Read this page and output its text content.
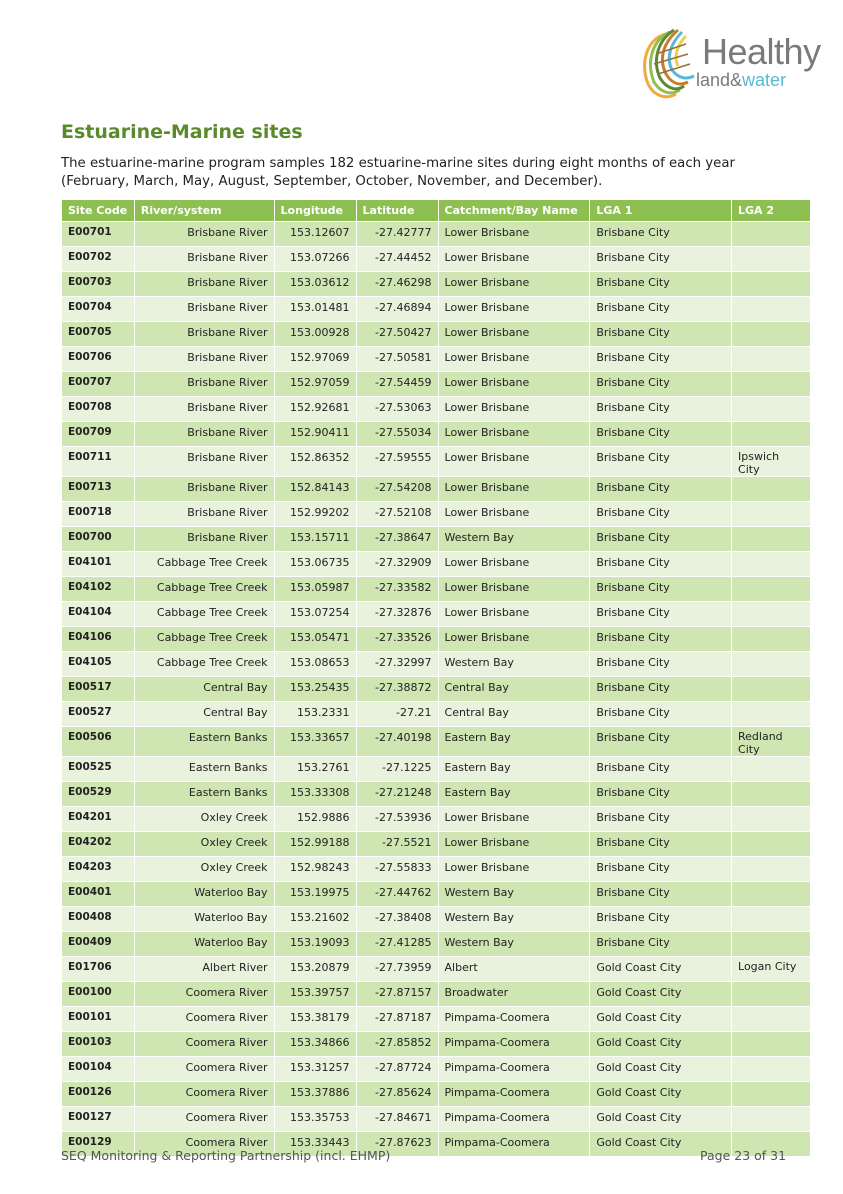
Healthy
land&water
Estuarine-Marine sites

The estuarine-marine program samples 182 estuarine-marine sites during eight months of each year (February, March, May, August, September, October, November, and December).

Site Code	River/system	Longitude	Latitude	Catchment/Bay Name	LGA 1	LGA 2
E00701	Brisbane River	153.12607	-27.42777	Lower Brisbane	Brisbane City	
E00702	Brisbane River	153.07266	-27.44452	Lower Brisbane	Brisbane City	
E00703	Brisbane River	153.03612	-27.46298	Lower Brisbane	Brisbane City	
E00704	Brisbane River	153.01481	-27.46894	Lower Brisbane	Brisbane City	
E00705	Brisbane River	153.00928	-27.50427	Lower Brisbane	Brisbane City	
E00706	Brisbane River	152.97069	-27.50581	Lower Brisbane	Brisbane City	
E00707	Brisbane River	152.97059	-27.54459	Lower Brisbane	Brisbane City	
E00708	Brisbane River	152.92681	-27.53063	Lower Brisbane	Brisbane City	
E00709	Brisbane River	152.90411	-27.55034	Lower Brisbane	Brisbane City	
E00711	Brisbane River	152.86352	-27.59555	Lower Brisbane	Brisbane City	Ipswich City
E00713	Brisbane River	152.84143	-27.54208	Lower Brisbane	Brisbane City	
E00718	Brisbane River	152.99202	-27.52108	Lower Brisbane	Brisbane City	
E00700	Brisbane River	153.15711	-27.38647	Western Bay	Brisbane City	
E04101	Cabbage Tree Creek	153.06735	-27.32909	Lower Brisbane	Brisbane City	
E04102	Cabbage Tree Creek	153.05987	-27.33582	Lower Brisbane	Brisbane City	
E04104	Cabbage Tree Creek	153.07254	-27.32876	Lower Brisbane	Brisbane City	
E04106	Cabbage Tree Creek	153.05471	-27.33526	Lower Brisbane	Brisbane City	
E04105	Cabbage Tree Creek	153.08653	-27.32997	Western Bay	Brisbane City	
E00517	Central Bay	153.25435	-27.38872	Central Bay	Brisbane City	
E00527	Central Bay	153.2331	-27.21	Central Bay	Brisbane City	
E00506	Eastern Banks	153.33657	-27.40198	Eastern Bay	Brisbane City	Redland City
E00525	Eastern Banks	153.2761	-27.1225	Eastern Bay	Brisbane City	
E00529	Eastern Banks	153.33308	-27.21248	Eastern Bay	Brisbane City	
E04201	Oxley Creek	152.9886	-27.53936	Lower Brisbane	Brisbane City	
E04202	Oxley Creek	152.99188	-27.5521	Lower Brisbane	Brisbane City	
E04203	Oxley Creek	152.98243	-27.55833	Lower Brisbane	Brisbane City	
E00401	Waterloo Bay	153.19975	-27.44762	Western Bay	Brisbane City	
E00408	Waterloo Bay	153.21602	-27.38408	Western Bay	Brisbane City	
E00409	Waterloo Bay	153.19093	-27.41285	Western Bay	Brisbane City	
E01706	Albert River	153.20879	-27.73959	Albert	Gold Coast City	Logan City
E00100	Coomera River	153.39757	-27.87157	Broadwater	Gold Coast City	
E00101	Coomera River	153.38179	-27.87187	Pimpama-Coomera	Gold Coast City	
E00103	Coomera River	153.34866	-27.85852	Pimpama-Coomera	Gold Coast City	
E00104	Coomera River	153.31257	-27.87724	Pimpama-Coomera	Gold Coast City	
E00126	Coomera River	153.37886	-27.85624	Pimpama-Coomera	Gold Coast City	
E00127	Coomera River	153.35753	-27.84671	Pimpama-Coomera	Gold Coast City	
E00129	Coomera River	153.33443	-27.87623	Pimpama-Coomera	Gold Coast City	
SEQ Monitoring & Reporting Partnership (incl. EHMP)	Page 23 of 31
